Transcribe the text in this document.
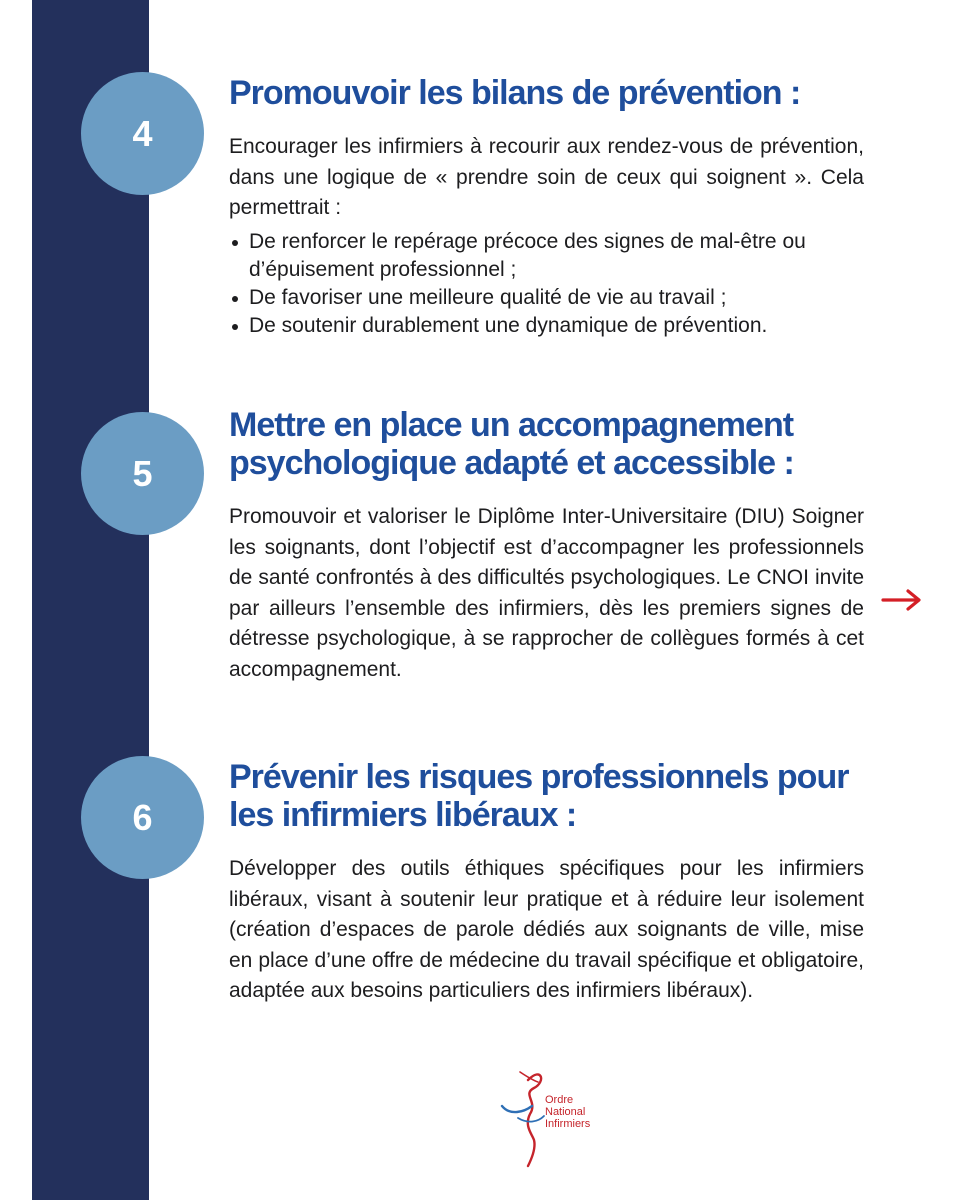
4
Promouvoir les bilans de prévention :

Encourager les infirmiers à recourir aux rendez-vous de prévention, dans une logique de « prendre soin de ceux qui soignent ». Cela permettrait :

De renforcer le repérage précoce des signes de mal-être ou d’épuisement professionnel ;
De favoriser une meilleure qualité de vie au travail ;
De soutenir durablement une dynamique de prévention.
5
Mettre en place un accompagnement psychologique adapté et accessible :

Promouvoir et valoriser le Diplôme Inter-Universitaire (DIU) Soigner les soignants, dont l’objectif est d’accompagner les professionnels de santé confrontés à des difficultés psychologiques. Le CNOI invite par ailleurs l’ensemble des infirmiers, dès les premiers signes de détresse psychologique, à se rapprocher de collègues formés à cet accompagnement.

6
Prévenir les risques professionnels pour les infirmiers libéraux :

Développer des outils éthiques spécifiques pour les infirmiers libéraux, visant à soutenir leur pratique et à réduire leur isolement (création d’espaces de parole dédiés aux soignants de ville, mise en place d’une offre de médecine du travail spécifique et obligatoire, adaptée aux besoins particuliers des infirmiers libéraux).

Ordre
National
Infirmiers
